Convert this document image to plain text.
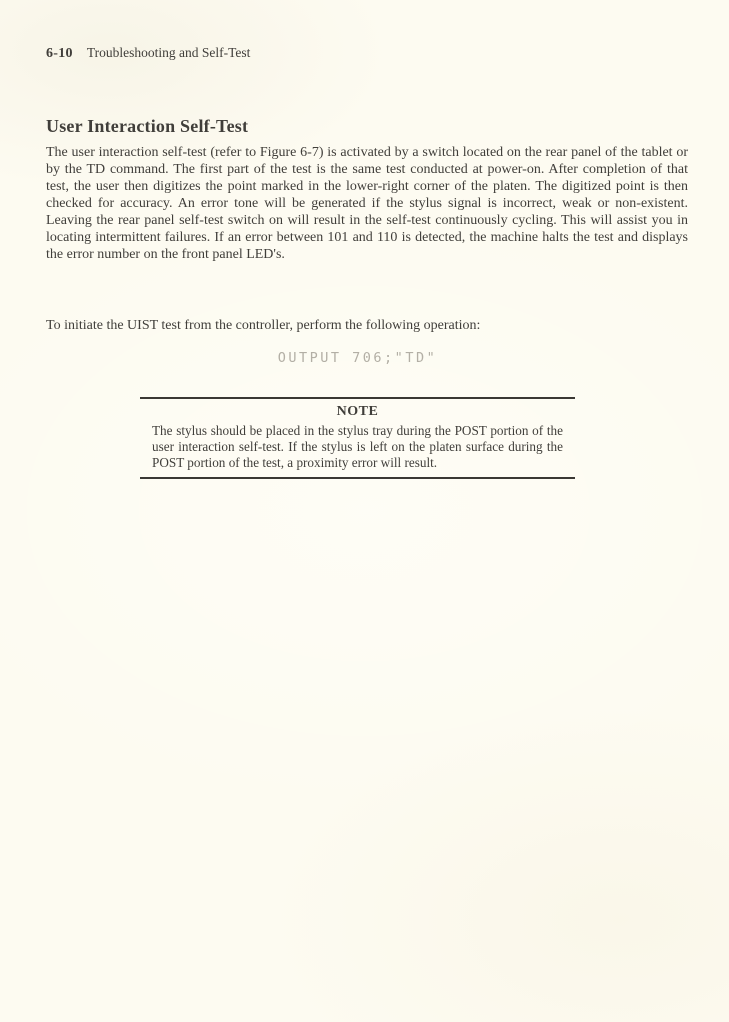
6-10 Troubleshooting and Self-Test
User Interaction Self-Test

The user interaction self-test (refer to Figure 6-7) is activated by a switch located on the rear panel of the tablet or by the TD command. The first part of the test is the same test conducted at power-on. After completion of that test, the user then digitizes the point marked in the lower-right corner of the platen. The digitized point is then checked for accuracy. An error tone will be generated if the stylus signal is incorrect, weak or non-existent. Leaving the rear panel self-test switch on will result in the self-test continuously cycling. This will assist you in locating intermittent failures. If an error between 101 and 110 is detected, the machine halts the test and displays the error number on the front panel LED's.

To initiate the UIST test from the controller, perform the following operation:

OUTPUT 706;"TD"
NOTE

The stylus should be placed in the stylus tray during the POST portion of the user interaction self-test. If the stylus is left on the platen surface during the POST portion of the test, a proximity error will result.
